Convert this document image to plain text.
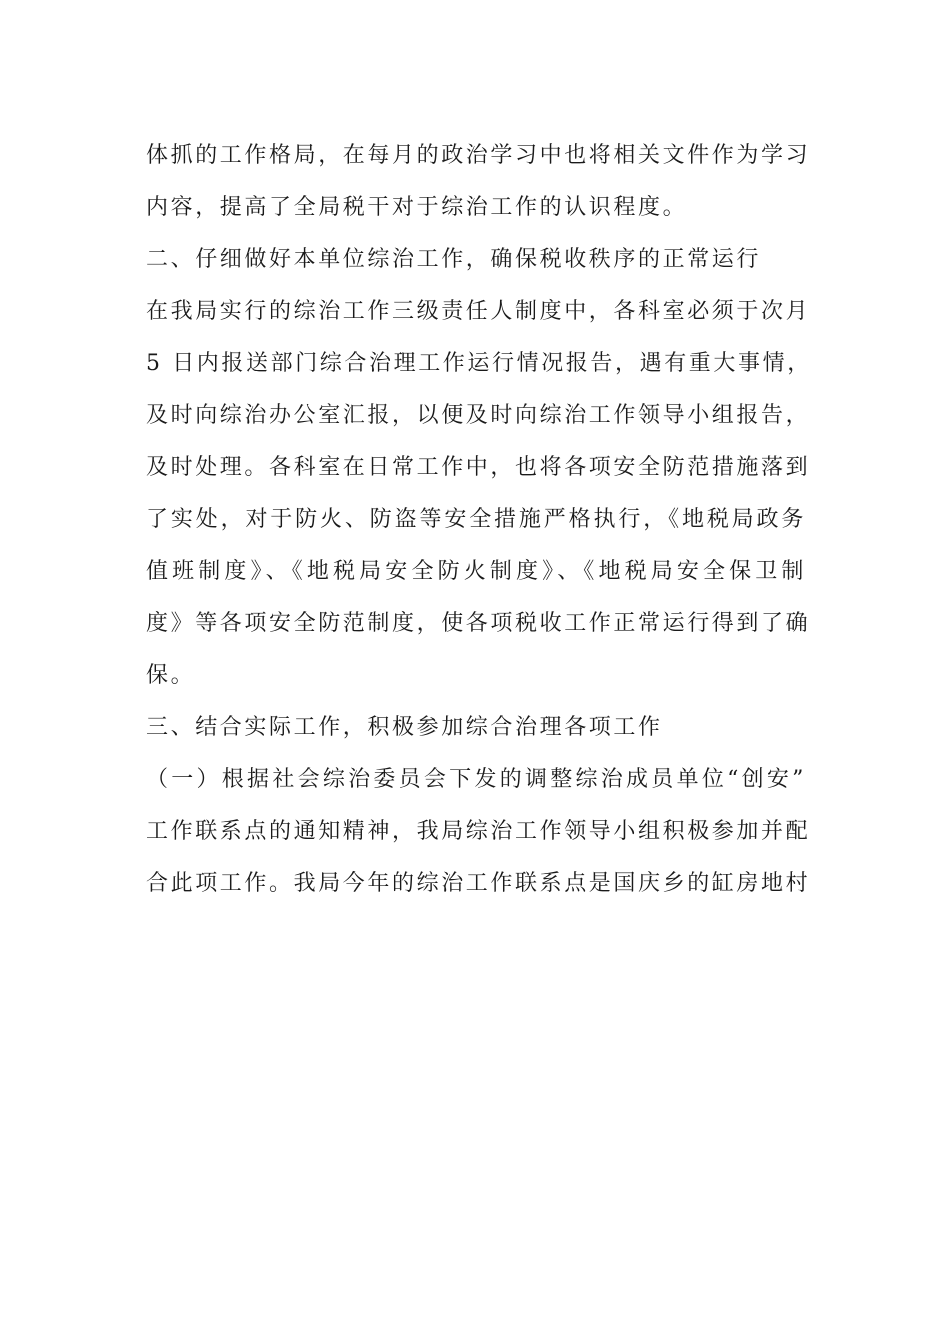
体抓的工作格局，在每月的政治学习中也将相关文件作为学习
内容，提高了全局税干对于综治工作的认识程度。
二、仔细做好本单位综治工作，确保税收秩序的正常运行
在我局实行的综治工作三级责任人制度中，各科室必须于次月
5 日内报送部门综合治理工作运行情况报告，遇有重大事情，
及时向综治办公室汇报，以便及时向综治工作领导小组报告，
及时处理。各科室在日常工作中，也将各项安全防范措施落到
了实处，对于防火、防盗等安全措施严格执行，《地税局政务
值班制度》、《地税局安全防火制度》、《地税局安全保卫制
度》等各项安全防范制度，使各项税收工作正常运行得到了确
保。
三、结合实际工作，积极参加综合治理各项工作
（一）根据社会综治委员会下发的调整综治成员单位“创安”
工作联系点的通知精神，我局综治工作领导小组积极参加并配
合此项工作。我局今年的综治工作联系点是国庆乡的缸房地村
